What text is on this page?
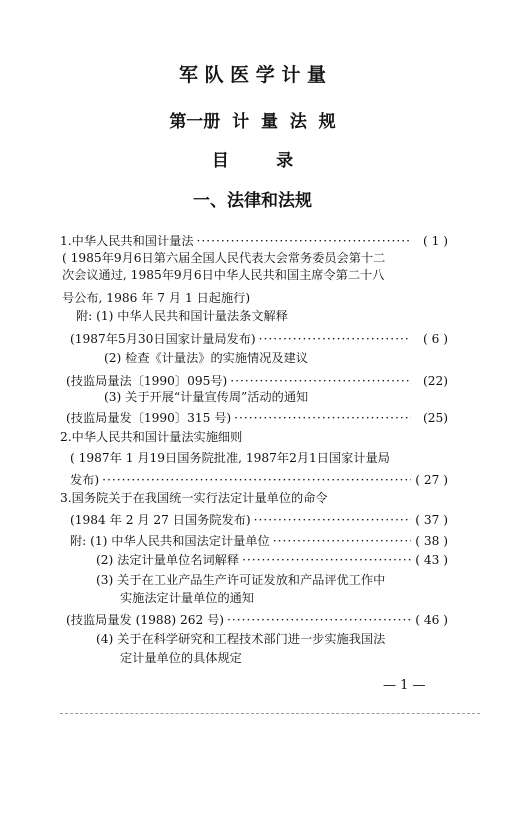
军 队 医 学 计 量
第一册  计  量  法  规
目        录
一、法律和法规
1.中华人民共和国计量法 ·····	( 1 )
( 1985年9月6日第六届全国人民代表大会常务委员会第十二
次会议通过, 1985年9月6日中华人民共和国主席令第二十八
号公布, 1986 年 7 月 1 日起施行)
附: (1) 中华人民共和国计量法条文解释
(1987年5月30日国家计量局发布) ·····	( 6 )
(2) 检查《计量法》的实施情况及建议
(技监局量法〔1990〕095号) ·····	(22)
(3) 关于开展“计量宣传周”活动的通知
(技监局量发〔1990〕315 号) ·····	(25)
2.中华人民共和国计量法实施细则
( 1987年 1 月19日国务院批准, 1987年2月1日国家计量局
发布) ·····	( 27 )
3.国务院关于在我国统一实行法定计量单位的命令
(1984 年 2 月 27 日国务院发布) ·····	( 37 )
附: (1) 中华人民共和国法定计量单位 ·····	( 38 )
(2) 法定计量单位名词解释 ·····	( 43 )
(3) 关于在工业产品生产许可证发放和产品评优工作中
实施法定计量单位的通知
(技监局量发 (1988) 262 号) ·····	( 46 )
(4) 关于在科学研究和工程技术部门进一步实施我国法
定计量单位的具体规定
— 1 —
